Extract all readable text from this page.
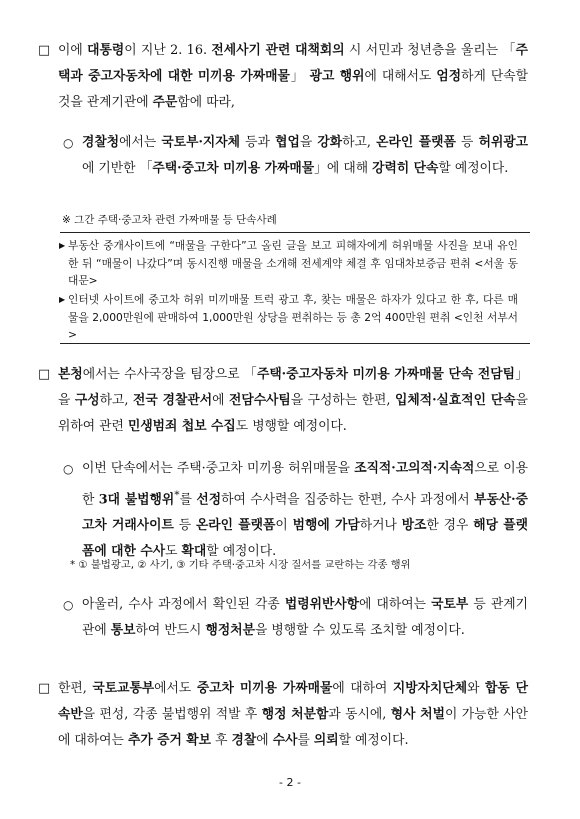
□ 이에 대통령이 지난 2. 16. 전세사기 관련 대책회의 시 서민과 청년층을 울리는 「주택과 중고자동차에 대한 미끼용 가짜매물」 광고 행위에 대해서도 엄정하게 단속할 것을 관계기관에 주문함에 따라,
○ 경찰청에서는 국토부·지자체 등과 협업을 강화하고, 온라인 플랫폼 등 허위광고에 기반한 「주택·중고차 미끼용 가짜매물」에 대해 강력히 단속할 예정이다.
※ 그간 주택·중고차 관련 가짜매물 등 단속사례
▶ 부동산 중개사이트에 “매물을 구한다”고 올린 글을 보고 피해자에게 허위매물 사진을 보내 유인한 뒤 “매물이 나갔다”며 동시진행 매물을 소개해 전세계약 체결 후 임대차보증금 편취 <서울 동대문>
▶ 인터넷 사이트에 중고차 허위 미끼매물 트럭 광고 후, 찾는 매물은 하자가 있다고 한 후, 다른 매물을 2,000만원에 판매하여 1,000만원 상당을 편취하는 등 총 2억 400만원 편취 <인천 서부서>
□ 본청에서는 수사국장을 팀장으로 「주택·중고자동차 미끼용 가짜매물 단속 전담팀」을 구성하고, 전국 경찰관서에 전담수사팀을 구성하는 한편, 입체적·실효적인 단속을 위하여 관련 민생범죄 첩보 수집도 병행할 예정이다.
○ 이번 단속에서는 주택·중고차 미끼용 허위매물을 조직적·고의적·지속적으로 이용한 3대 불법행위*를 선정하여 수사력을 집중하는 한편, 수사 과정에서 부동산·중고차 거래사이트 등 온라인 플랫폼이 범행에 가담하거나 방조한 경우 해당 플랫폼에 대한 수사도 확대할 예정이다.
* ① 불법광고, ② 사기, ③ 기타 주택·중고차 시장 질서를 교란하는 각종 행위
○ 아울러, 수사 과정에서 확인된 각종 법령위반사항에 대하여는 국토부 등 관계기관에 통보하여 반드시 행정처분을 병행할 수 있도록 조치할 예정이다.
□ 한편, 국토교통부에서도 중고차 미끼용 가짜매물에 대하여 지방자치단체와 합동 단속반을 편성, 각종 불법행위 적발 후 행정 처분함과 동시에, 형사 처벌이 가능한 사안에 대하여는 추가 증거 확보 후 경찰에 수사를 의뢰할 예정이다.
- 2 -
